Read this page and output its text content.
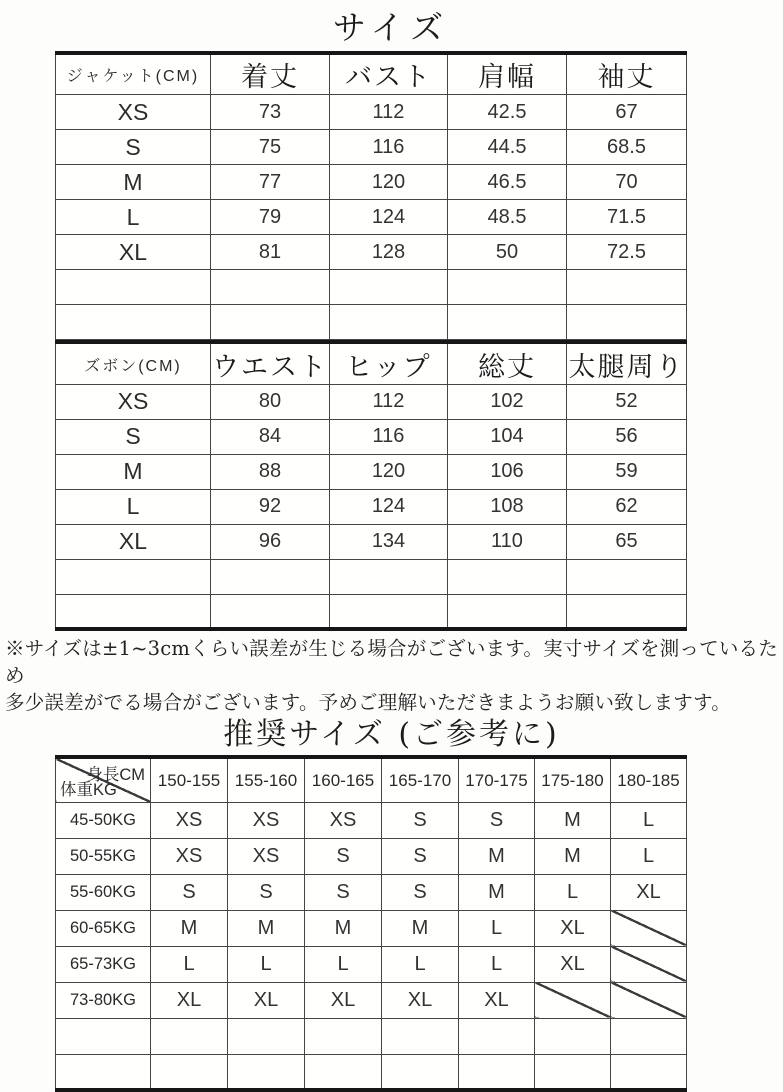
サイズ
ジャケット(CM)	着丈	バスト	肩幅	袖丈
XS	73	112	42.5	67
S	75	116	44.5	68.5
M	77	120	46.5	70
L	79	124	48.5	71.5
XL	81	128	50	72.5

ズボン(CM)	ウエスト	ヒップ	総丈	太腿周り
XS	80	112	102	52
S	84	116	104	56
M	88	120	106	59
L	92	124	108	62
XL	96	134	110	65

※サイズは±1~3cmくらい誤差が生じる場合がございます。実寸サイズを測っているため
多少誤差がでる場合がございます。予めご理解いただきまようお願い致しますす。
推奨サイズ (ご参考に)
身長CM
体重KG	150-155	155-160	160-165	165-170	170-175	175-180	180-185
45-50KG	XS	XS	XS	S	S	M	L
50-55KG	XS	XS	S	S	M	M	L
55-60KG	S	S	S	S	M	L	XL
60-65KG	M	M	M	M	L	XL	
65-73KG	L	L	L	L	L	XL	
73-80KG	XL	XL	XL	XL	XL		
